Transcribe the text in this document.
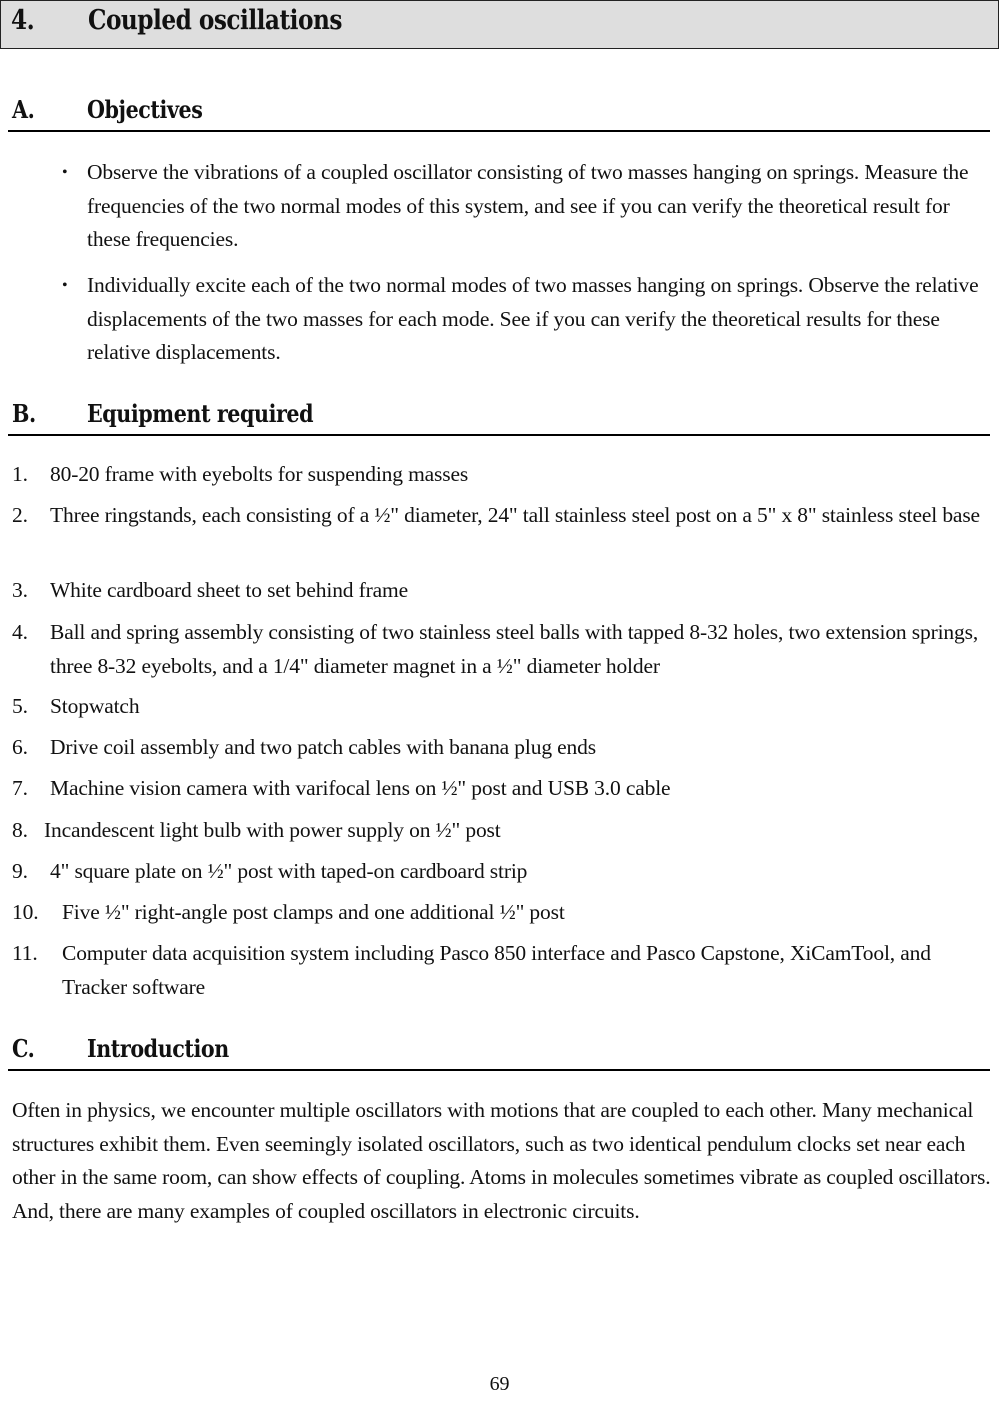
4. Coupled oscillations
A. Objectives
• Observe the vibrations of a coupled oscillator consisting of two masses hanging on springs. Measure the frequencies of the two normal modes of this system, and see if you can verify the theoretical result for these frequencies.
• Individually excite each of the two normal modes of two masses hanging on springs. Observe the relative displacements of the two masses for each mode. See if you can verify the theoretical results for these relative displacements.
B. Equipment required
1. 80-20 frame with eyebolts for suspending masses
2. Three ringstands, each consisting of a ½" diameter, 24" tall stainless steel post on a 5" x 8" stainless steel base
3. White cardboard sheet to set behind frame
4. Ball and spring assembly consisting of two stainless steel balls with tapped 8-32 holes, two extension springs, three 8-32 eyebolts, and a 1/4" diameter magnet in a ½" diameter holder
5. Stopwatch
6. Drive coil assembly and two patch cables with banana plug ends
7. Machine vision camera with varifocal lens on ½" post and USB 3.0 cable
8. Incandescent light bulb with power supply on ½" post
9. 4" square plate on ½" post with taped-on cardboard strip
10. Five ½" right-angle post clamps and one additional ½" post
11. Computer data acquisition system including Pasco 850 interface and Pasco Capstone, XiCamTool, and Tracker software
C. Introduction
Often in physics, we encounter multiple oscillators with motions that are coupled to each other. Many mechanical structures exhibit them. Even seemingly isolated oscillators, such as two identical pendulum clocks set near each other in the same room, can show effects of coupling. Atoms in molecules sometimes vibrate as coupled oscillators. And, there are many examples of coupled oscillators in electronic circuits.
69
